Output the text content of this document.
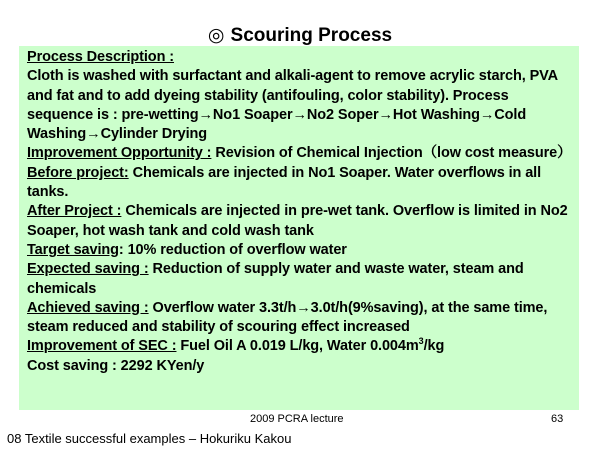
◎ Scouring Process

Process Description :
Cloth is washed with surfactant and alkali-agent to remove acrylic starch, PVA and fat and to add dyeing stability (antifouling, color stability). Process sequence is : pre-wetting→No1 Soaper→No2 Soper→Hot Washing→Cold Washing→Cylinder Drying

Improvement Opportunity : Revision of Chemical Injection（low cost measure）

Before project: Chemicals are injected in No1 Soaper. Water overflows in all tanks.

After Project : Chemicals are injected in pre-wet tank. Overflow is limited in No2 Soaper, hot wash tank and cold wash tank

Target saving: 10% reduction of overflow water

Expected saving : Reduction of supply water and waste water, steam and chemicals

Achieved saving : Overflow water 3.3t/h→3.0t/h(9%saving), at the same time, steam reduced and stability of scouring effect increased

Improvement of SEC : Fuel Oil A 0.019 L/kg, Water $0.004m^3/kg$

Cost saving : 2292 KYen/y

2009 PCRA lecture	63
08 Textile successful examples – Hokuriku Kakou
